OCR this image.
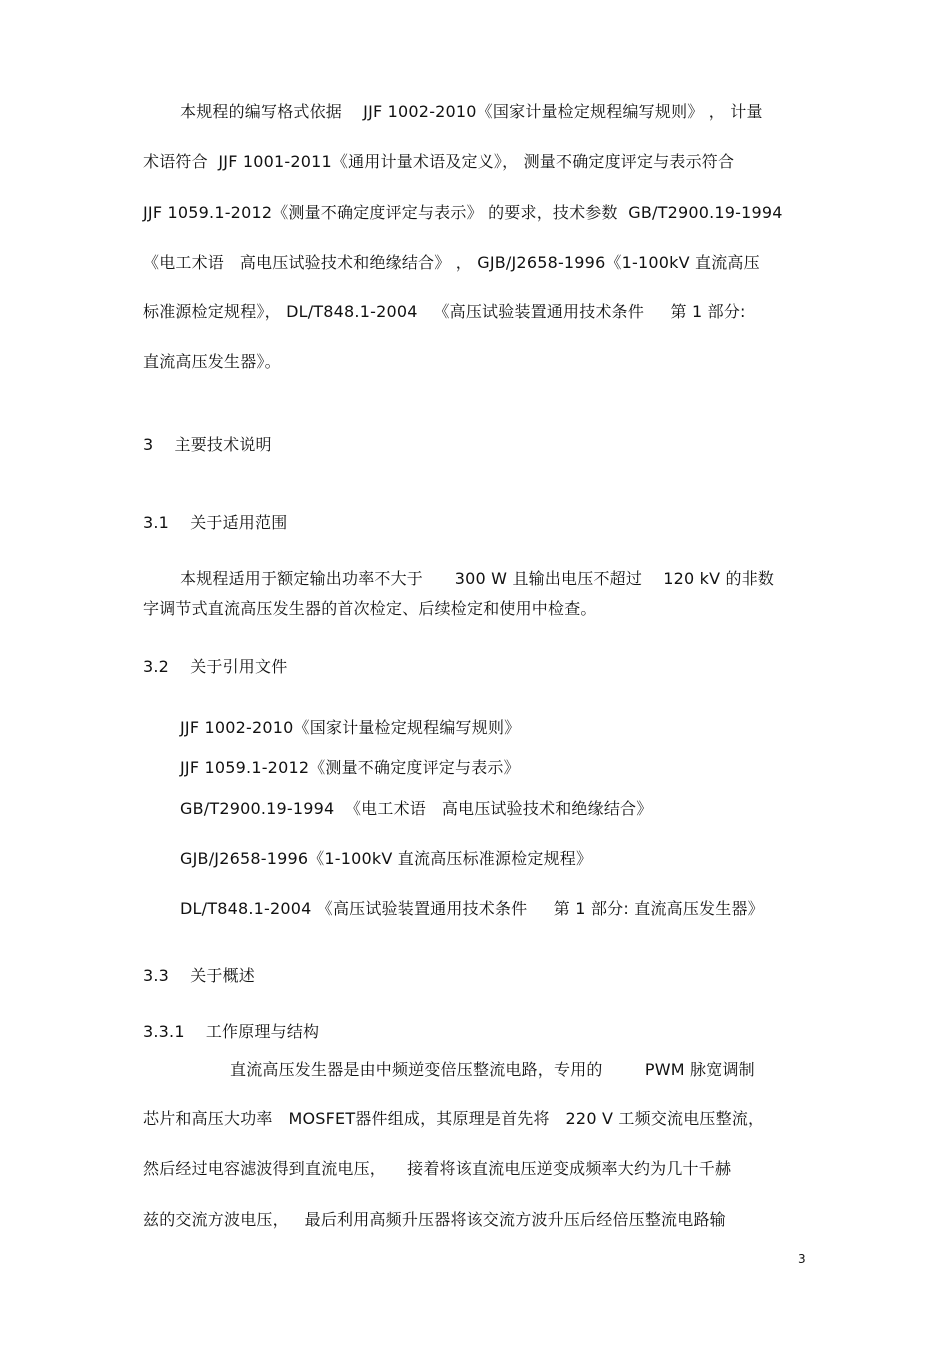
本规程的编写格式依据    JJF 1002-2010《国家计量检定规程编写规则》 ， 计量
术语符合  JJF 1001-2011《通用计量术语及定义》， 测量不确定度评定与表示符合
JJF 1059.1-2012《测量不确定度评定与表示》 的要求，技术参数  GB/T2900.19-1994
《电工术语   高电压试验技术和绝缘结合》 ， GJB/J2658-1996《1-100kV 直流高压
标准源检定规程》， DL/T848.1-2004   《高压试验装置通用技术条件     第 1 部分:
直流高压发生器》。
3    主要技术说明
3.1    关于适用范围
本规程适用于额定输出功率不大于      300 W 且输出电压不超过    120 kV 的非数
字调节式直流高压发生器的首次检定、后续检定和使用中检查。
3.2    关于引用文件
JJF 1002-2010《国家计量检定规程编写规则》
JJF 1059.1-2012《测量不确定度评定与表示》
GB/T2900.19-1994  《电工术语   高电压试验技术和绝缘结合》
GJB/J2658-1996《1-100kV 直流高压标准源检定规程》
DL/T848.1-2004 《高压试验装置通用技术条件     第 1 部分: 直流高压发生器》
3.3    关于概述
3.3.1    工作原理与结构
直流高压发生器是由中频逆变倍压整流电路，专用的        PWM 脉宽调制
芯片和高压大功率   MOSFET器件组成，其原理是首先将   220 V 工频交流电压整流，
然后经过电容滤波得到直流电压，    接着将该直流电压逆变成频率大约为几十千赫
兹的交流方波电压，   最后利用高频升压器将该交流方波升压后经倍压整流电路输
3
